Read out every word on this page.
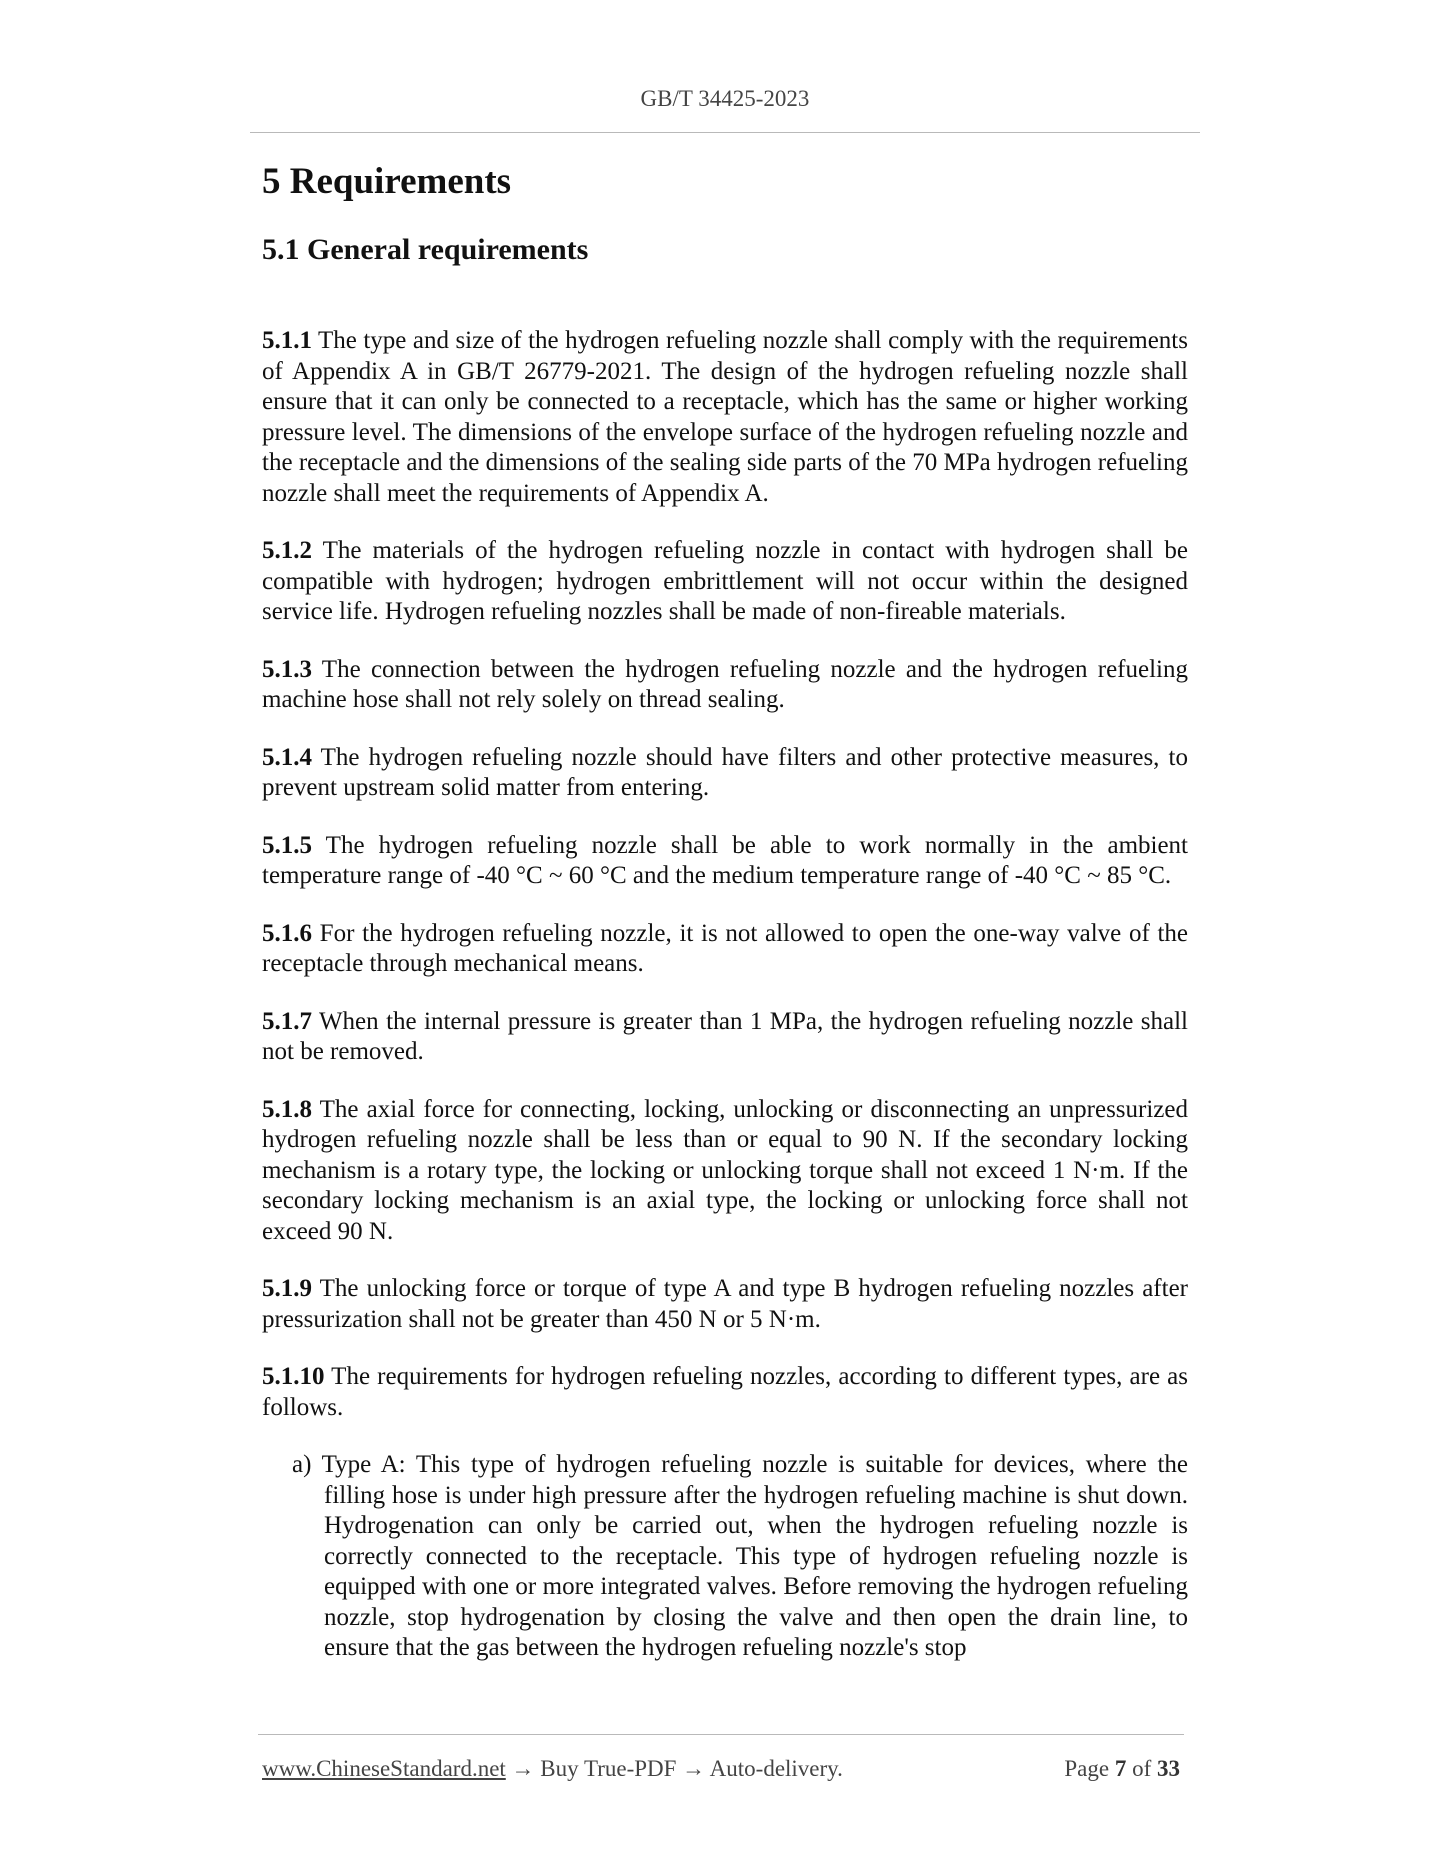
GB/T 34425-2023
5 Requirements
5.1 General requirements

5.1.1 The type and size of the hydrogen refueling nozzle shall comply with the requirements of Appendix A in GB/T 26779-2021. The design of the hydrogen refueling nozzle shall ensure that it can only be connected to a receptacle, which has the same or higher working pressure level. The dimensions of the envelope surface of the hydrogen refueling nozzle and the receptacle and the dimensions of the sealing side parts of the 70 MPa hydrogen refueling nozzle shall meet the requirements of Appendix A.

5.1.2 The materials of the hydrogen refueling nozzle in contact with hydrogen shall be compatible with hydrogen; hydrogen embrittlement will not occur within the designed service life. Hydrogen refueling nozzles shall be made of non-fireable materials.

5.1.3 The connection between the hydrogen refueling nozzle and the hydrogen refueling machine hose shall not rely solely on thread sealing.

5.1.4 The hydrogen refueling nozzle should have filters and other protective measures, to prevent upstream solid matter from entering.

5.1.5 The hydrogen refueling nozzle shall be able to work normally in the ambient temperature range of -40 °C ~ 60 °C and the medium temperature range of -40 °C ~ 85 °C.

5.1.6 For the hydrogen refueling nozzle, it is not allowed to open the one-way valve of the receptacle through mechanical means.

5.1.7 When the internal pressure is greater than 1 MPa, the hydrogen refueling nozzle shall not be removed.

5.1.8 The axial force for connecting, locking, unlocking or disconnecting an unpressurized hydrogen refueling nozzle shall be less than or equal to 90 N. If the secondary locking mechanism is a rotary type, the locking or unlocking torque shall not exceed 1 N·m. If the secondary locking mechanism is an axial type, the locking or unlocking force shall not exceed 90 N.

5.1.9 The unlocking force or torque of type A and type B hydrogen refueling nozzles after pressurization shall not be greater than 450 N or 5 N·m.

5.1.10 The requirements for hydrogen refueling nozzles, according to different types, are as follows.

a) Type A: This type of hydrogen refueling nozzle is suitable for devices, where the filling hose is under high pressure after the hydrogen refueling machine is shut down. Hydrogenation can only be carried out, when the hydrogen refueling nozzle is correctly connected to the receptacle. This type of hydrogen refueling nozzle is equipped with one or more integrated valves. Before removing the hydrogen refueling nozzle, stop hydrogenation by closing the valve and then open the drain line, to ensure that the gas between the hydrogen refueling nozzle's stop

www.ChineseStandard.net → Buy True-PDF → Auto-delivery.	Page 7 of 33
